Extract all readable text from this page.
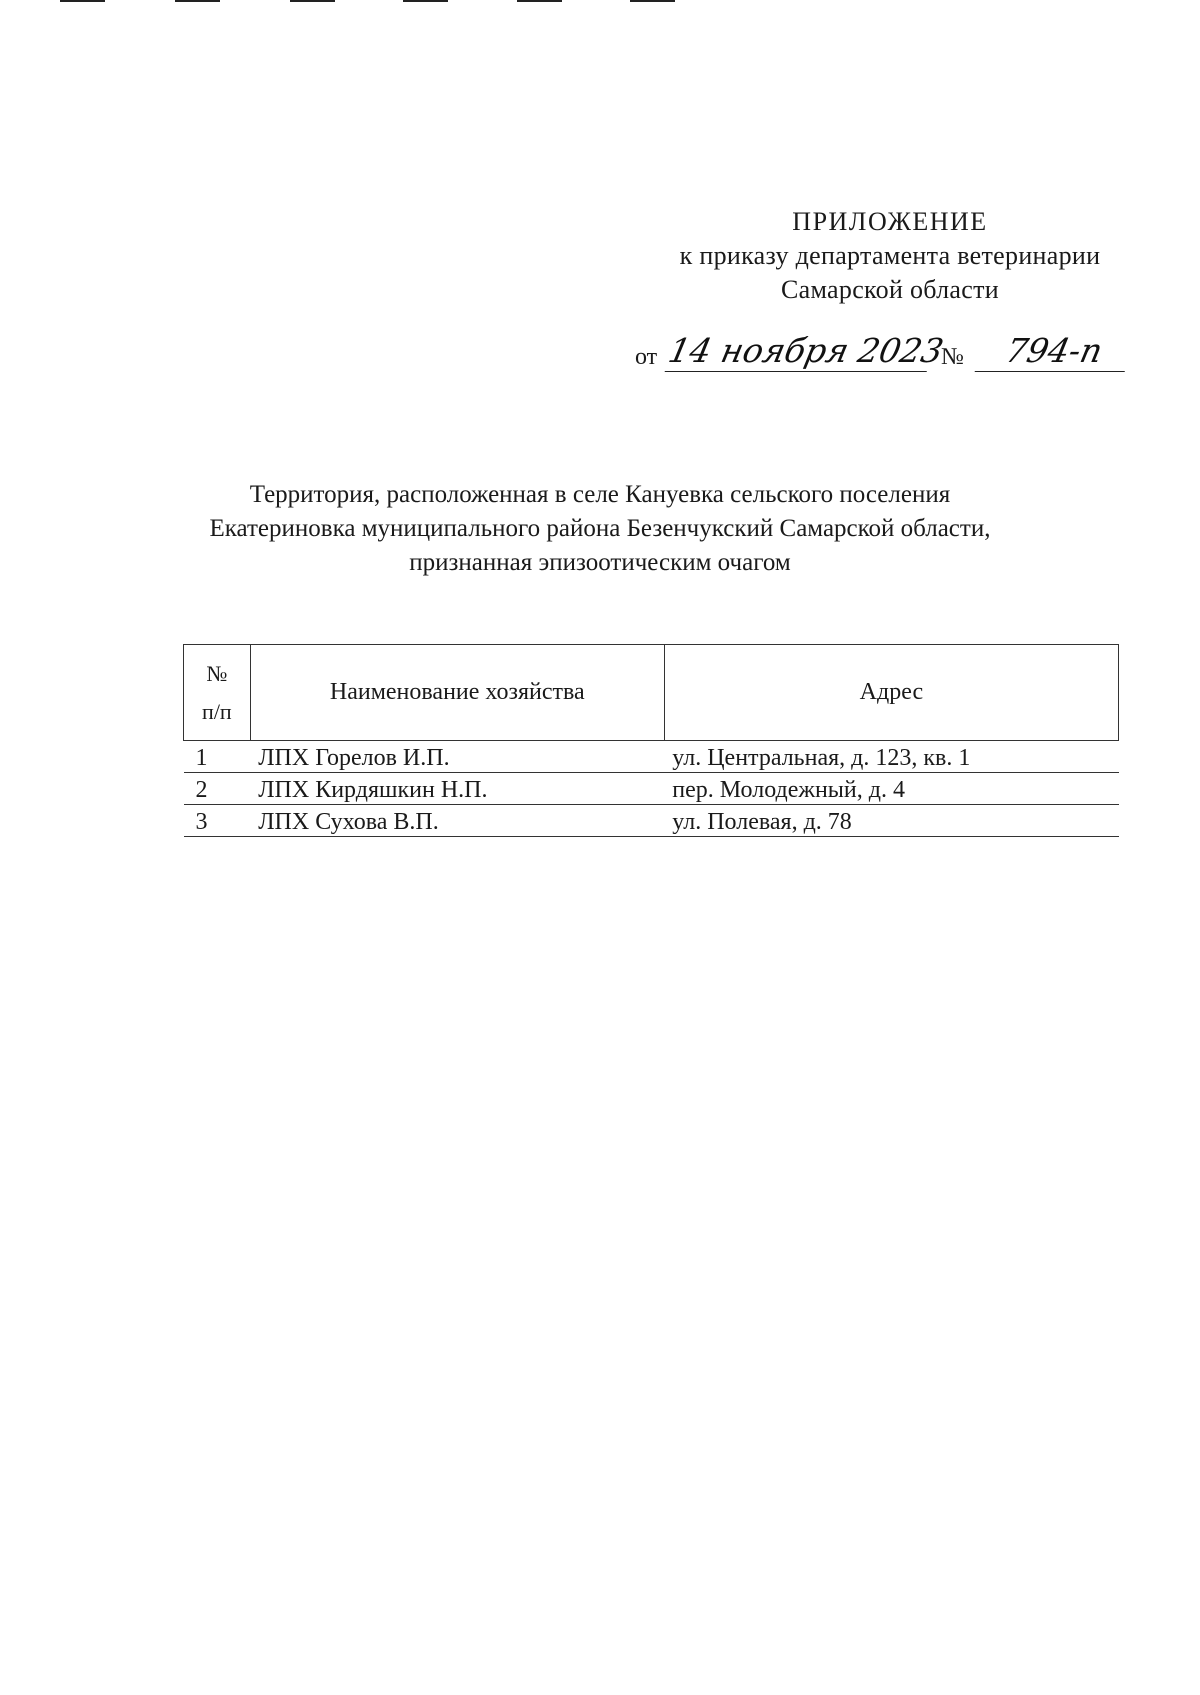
ПРИЛОЖЕНИЕ
к приказу департамента ветеринарии
Самарской области
от 14 ноября 2023
№	794-п
Территория, расположенная в селе Кануевка сельского поселения
Екатериновка муниципального района Безенчукский Самарской области,
признанная эпизоотическим очагом
№
п/п	Наименование хозяйства	Адрес
1	ЛПХ Горелов И.П.	ул. Центральная, д. 123, кв. 1
2	ЛПХ Кирдяшкин Н.П.	пер. Молодежный, д. 4
3	ЛПХ Сухова В.П.	ул. Полевая, д. 78
